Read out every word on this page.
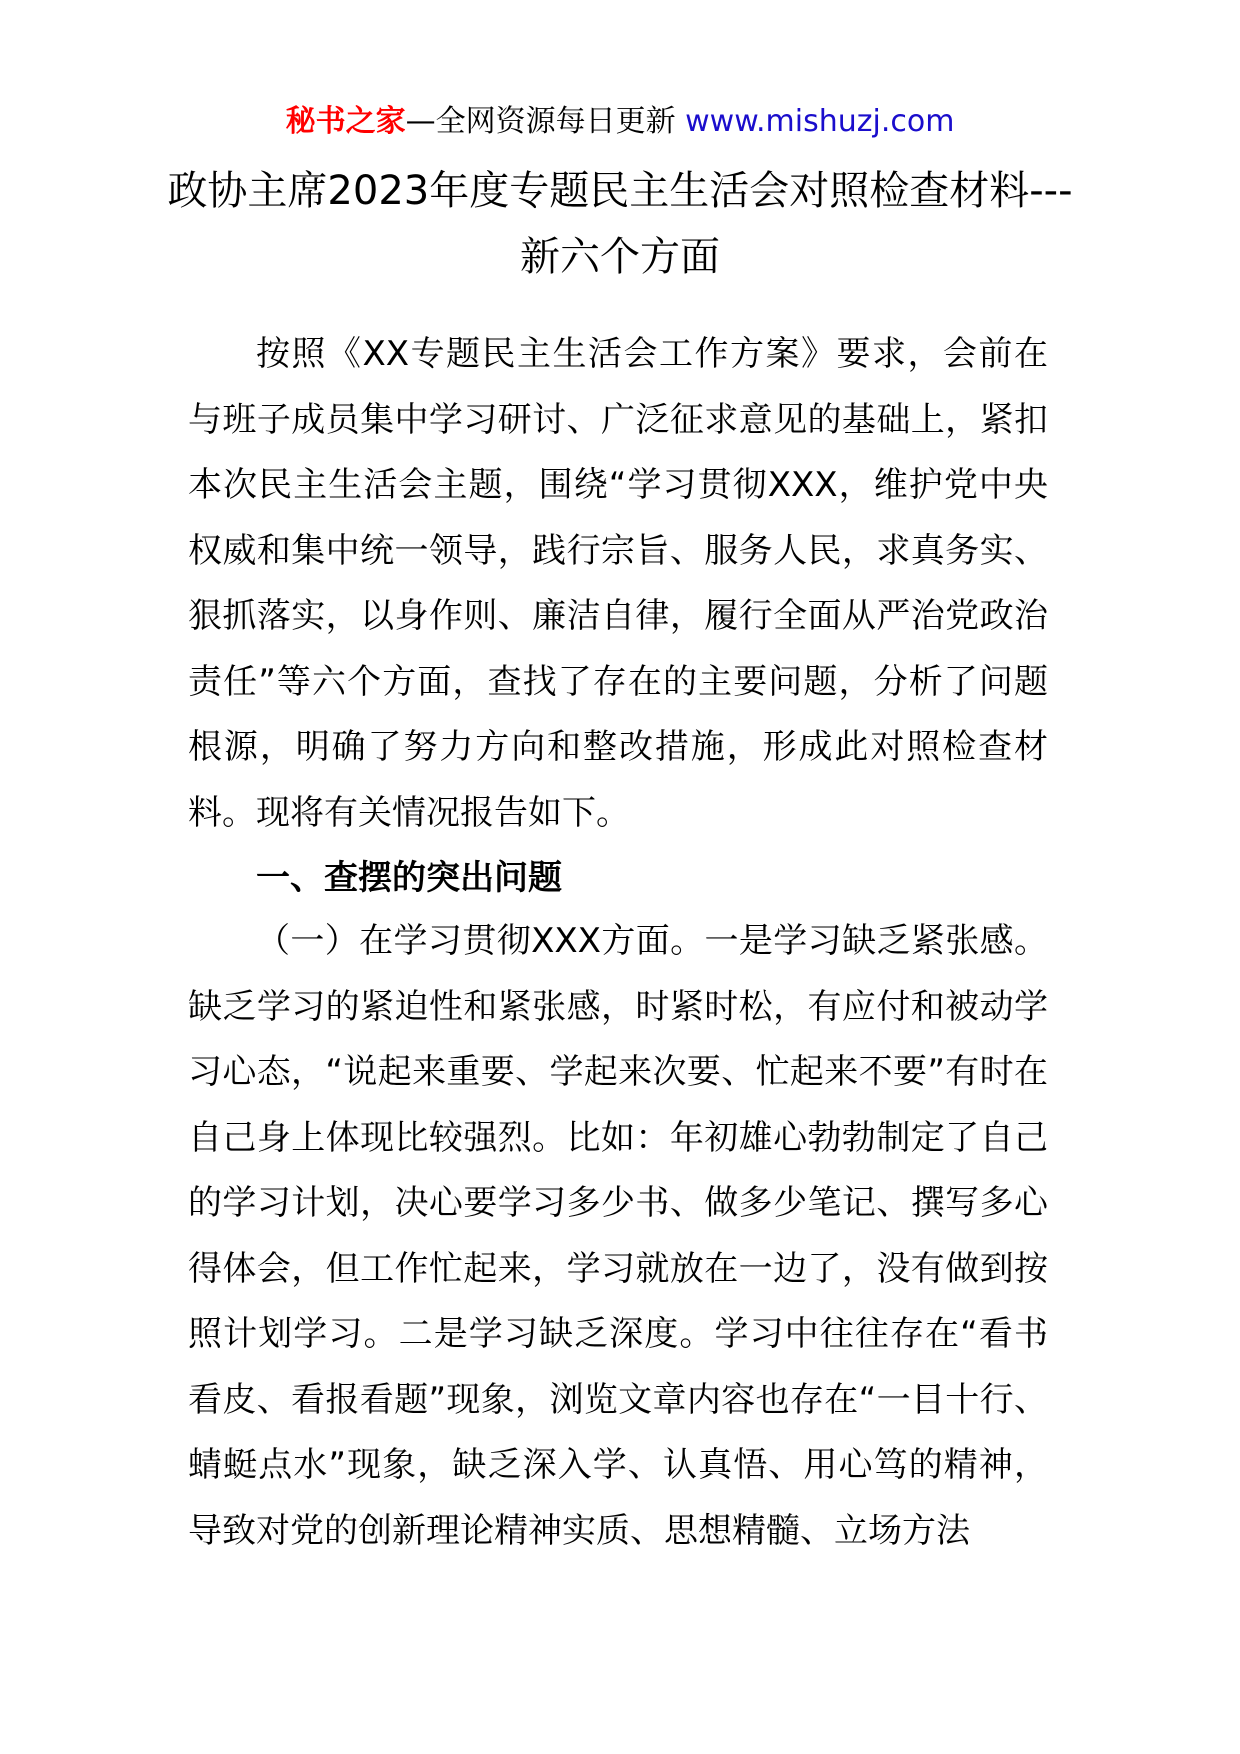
秘书之家—全网资源每日更新 www.mishuzj.com
政协主席2023年度专题民主生活会对照检查材料---新六个方面
按照《XX专题民主生活会工作方案》要求，会前在与班子成员集中学习研讨、广泛征求意见的基础上，紧扣本次民主生活会主题，围绕“学习贯彻XXX，维护党中央权威和集中统一领导，践行宗旨、服务人民，求真务实、狠抓落实，以身作则、廉洁自律，履行全面从严治党政治责任”等六个方面，查找了存在的主要问题，分析了问题根源，明确了努力方向和整改措施，形成此对照检查材料。现将有关情况报告如下。
一、查摆的突出问题
（一）在学习贯彻XXX方面。一是学习缺乏紧张感。缺乏学习的紧迫性和紧张感，时紧时松，有应付和被动学习心态，“说起来重要、学起来次要、忙起来不要”有时在自己身上体现比较强烈。比如：年初雄心勃勃制定了自己的学习计划，决心要学习多少书、做多少笔记、撰写多心得体会，但工作忙起来，学习就放在一边了，没有做到按照计划学习。二是学习缺乏深度。学习中往往存在“看书看皮、看报看题”现象，浏览文章内容也存在“一目十行、蜻蜓点水”现象，缺乏深入学、认真悟、用心笃的精神，导致对党的创新理论精神实质、思想精髓、立场方法
